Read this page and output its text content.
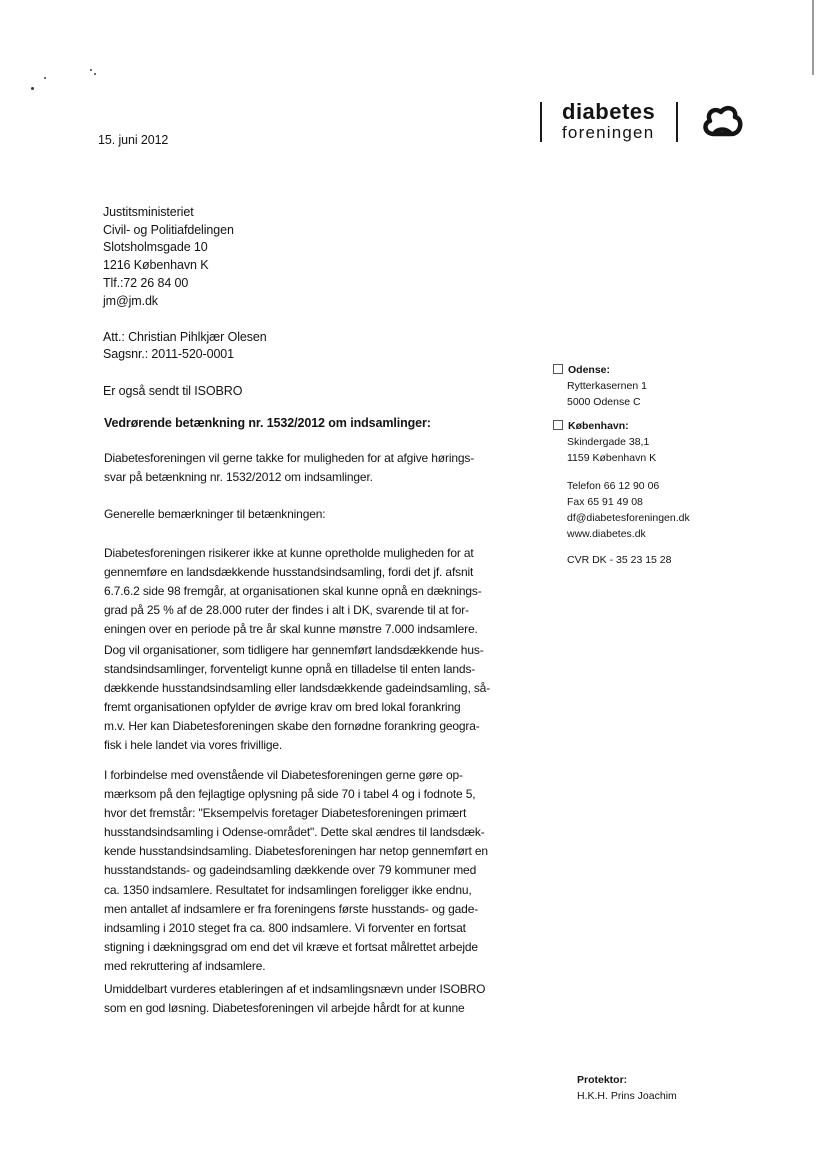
diabetes
foreningen
15. juni 2012
Justitsministeriet
Civil- og Politiafdelingen
Slotsholmsgade 10
1216 København K
Tlf.:72 26 84 00
jm@jm.dk
Att.: Christian Pihlkjær Olesen
Sagsnr.: 2011-520-0001
Er også sendt til ISOBRO
Vedrørende betænkning nr. 1532/2012 om indsamlinger:
Diabetesforeningen vil gerne takke for muligheden for at afgive hørings-
svar på betænkning nr. 1532/2012 om indsamlinger.
Generelle bemærkninger til betænkningen:
Diabetesforeningen risikerer ikke at kunne opretholde muligheden for at
gennemføre en landsdækkende husstandsindsamling, fordi det jf. afsnit
6.7.6.2 side 98 fremgår, at organisationen skal kunne opnå en dæknings-
grad på 25 % af de 28.000 ruter der findes i alt i DK, svarende til at for-
eningen over en periode på tre år skal kunne mønstre 7.000 indsamlere.
Dog vil organisationer, som tidligere har gennemført landsdækkende hus-
standsindsamlinger, forventeligt kunne opnå en tilladelse til enten lands-
dækkende husstandsindsamling eller landsdækkende gadeindsamling, så-
fremt organisationen opfylder de øvrige krav om bred lokal forankring
m.v. Her kan Diabetesforeningen skabe den fornødne forankring geogra-
fisk i hele landet via vores frivillige.
I forbindelse med ovenstående vil Diabetesforeningen gerne gøre op-
mærksom på den fejlagtige oplysning på side 70 i tabel 4 og i fodnote 5,
hvor det fremstår: "Eksempelvis foretager Diabetesforeningen primært
husstandsindsamling i Odense-området". Dette skal ændres til landsdæk-
kende husstandsindsamling. Diabetesforeningen har netop gennemført en
husstandstands- og gadeindsamling dækkende over 79 kommuner med
ca. 1350 indsamlere. Resultatet for indsamlingen foreligger ikke endnu,
men antallet af indsamlere er fra foreningens første husstands- og gade-
indsamling i 2010 steget fra ca. 800 indsamlere. Vi forventer en fortsat
stigning i dækningsgrad om end det vil kræve et fortsat målrettet arbejde
med rekruttering af indsamlere.
Umiddelbart vurderes etableringen af et indsamlingsnævn under ISOBRO
som en god løsning. Diabetesforeningen vil arbejde hårdt for at kunne
Odense:
Rytterkasernen 1
5000 Odense C
København:
Skindergade 38,1
1159 København K
Telefon 66 12 90 06
Fax 65 91 49 08
df@diabetesforeningen.dk
www.diabetes.dk
CVR DK - 35 23 15 28
Protektor:
H.K.H. Prins Joachim
